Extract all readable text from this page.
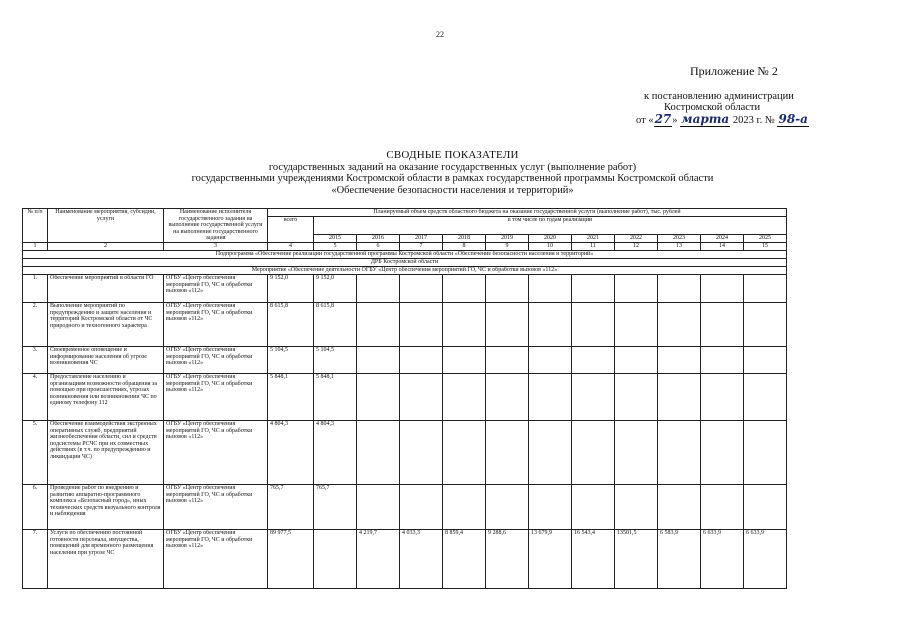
22
Приложение № 2
к постановлению администрации
Костромской области
от «27» марта 2023 г. № 98-а
СВОДНЫЕ ПОКАЗАТЕЛИ
государственных заданий на оказание государственных услуг (выполнение работ)
государственными учреждениями Костромской области в рамках государственной программы Костромской области
«Обеспечение безопасности населения и территорий»
№ п/п	Наименование мероприятия, субсидии, услуги	Наименование исполнителя государственного задания на выполнение государственной услуги на выполнение государственного задания	Планируемый объем средств областного бюджета на оказание государственной услуги (выполнение работ), тыс. рублей											
			всего	в том числе по годам реализации										
				2015	2016	2017	2018	2019	2020	2021	2022	2023	2024	2025
1	2	3	4	5	6	7	8	9	10	11	12	13	14	15
Подпрограмма «Обеспечение реализации государственной программы Костромской области «Обеспечение безопасности населения и территорий»														
ДРБ Костромской области														
Мероприятие «Обеспечение деятельности ОГБУ «Центр обеспечения мероприятий ГО, ЧС и обработки вызовов «112»														
1.	Обеспечение мероприятий в области ГО	ОГБУ «Центр обеспечения мероприятий ГО, ЧС и обработки вызовов «112»	9 152,0	9 152,0										
2.	Выполнение мероприятий по предупреждению и защите населения и территорий Костромской области от ЧС природного и техногенного характера	ОГБУ «Центр обеспечения мероприятий ГО, ЧС и обработки вызовов «112»	8 615,8	8 615,8										
3.	Своевременное оповещение и информирование населения об угрозе возникновения ЧС	ОГБУ «Центр обеспечения мероприятий ГО, ЧС и обработки вызовов «112»	5 104,5	5 104,5										
4.	Предоставление населению и организациям возможности обращения за помощью при происшествиях, угрозах возникновения или возникновении ЧС по единому телефону 112	ОГБУ «Центр обеспечения мероприятий ГО, ЧС и обработки вызовов «112»	5 848,1	5 848,1										
5.	Обеспечение взаимодействия экстренных оперативных служб, предприятий жизнеобеспечения области, сил и средств подсистемы РСЧС при их совместных действиях (в т.ч. по предупреждению и ликвидации ЧС)	ОГБУ «Центр обеспечения мероприятий ГО, ЧС и обработки вызовов «112»	4 804,3	4 804,3										
6.	Проведение работ по внедрению и развитию аппаратно-программного комплекса «Безопасный город», иных технических средств визуального контроля и наблюдения	ОГБУ «Центр обеспечения мероприятий ГО, ЧС и обработки вызовов «112»	765,7	765,7										
7.	Услуги по обеспечению постоянной готовности персонала, имущества, помещений для временного размещения населения при угрозе ЧС	ОГБУ «Центр обеспечения мероприятий ГО, ЧС и обработки вызовов «112»	89 977,5		4 219,7	4 033,3	8 859,4	9 288,6	13 679,9	16 543,4	13501,5	6 583,9	6 633,9	6 633,9
